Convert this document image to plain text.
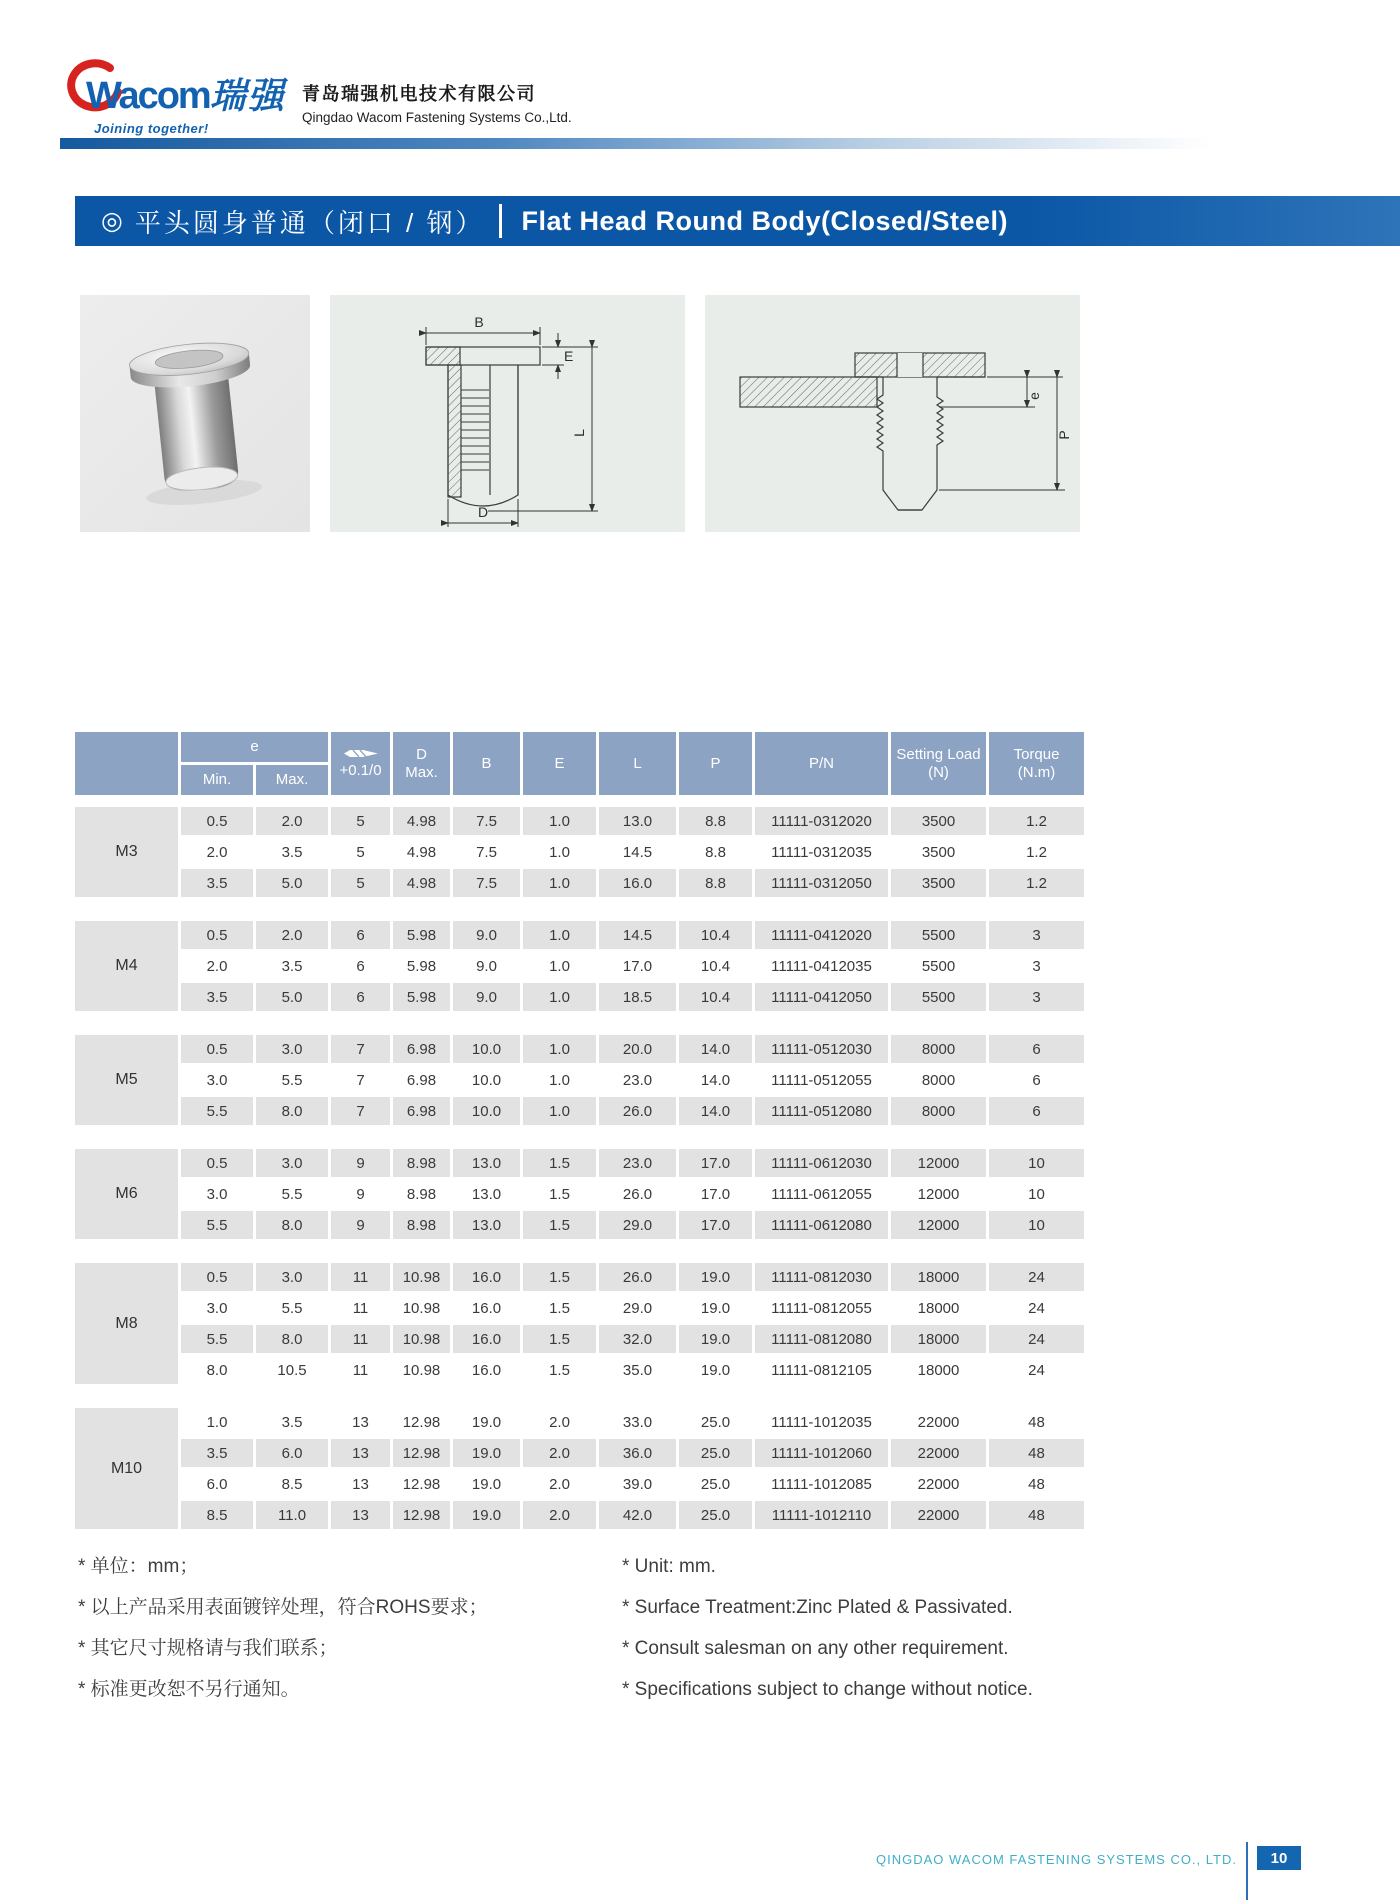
Wacom瑞强
Joining together!
青岛瑞强机电技术有限公司
Qingdao Wacom Fastening Systems Co.,Ltd.
◎ 平头圆身普通（闭口 / 钢） Flat Head Round Body(Closed/Steel)
B
E
L
D
e
P
e
Min.	Max.
+0.1/0
D
Max.
B	E	L	P	P/N
Setting Load
(N)
Torque
(N.m)
M3
0.5	2.0	5	4.98	7.5	1.0	13.0	8.8	11111-0312020	3500	1.2
2.0	3.5	5	4.98	7.5	1.0	14.5	8.8	11111-0312035	3500	1.2
3.5	5.0	5	4.98	7.5	1.0	16.0	8.8	11111-0312050	3500	1.2
M4
0.5	2.0	6	5.98	9.0	1.0	14.5	10.4	11111-0412020	5500	3
2.0	3.5	6	5.98	9.0	1.0	17.0	10.4	11111-0412035	5500	3
3.5	5.0	6	5.98	9.0	1.0	18.5	10.4	11111-0412050	5500	3
M5
0.5	3.0	7	6.98	10.0	1.0	20.0	14.0	11111-0512030	8000	6
3.0	5.5	7	6.98	10.0	1.0	23.0	14.0	11111-0512055	8000	6
5.5	8.0	7	6.98	10.0	1.0	26.0	14.0	11111-0512080	8000	6
M6
0.5	3.0	9	8.98	13.0	1.5	23.0	17.0	11111-0612030	12000	10
3.0	5.5	9	8.98	13.0	1.5	26.0	17.0	11111-0612055	12000	10
5.5	8.0	9	8.98	13.0	1.5	29.0	17.0	11111-0612080	12000	10
M8
0.5	3.0	11	10.98	16.0	1.5	26.0	19.0	11111-0812030	18000	24
3.0	5.5	11	10.98	16.0	1.5	29.0	19.0	11111-0812055	18000	24
5.5	8.0	11	10.98	16.0	1.5	32.0	19.0	11111-0812080	18000	24
8.0	10.5	11	10.98	16.0	1.5	35.0	19.0	11111-0812105	18000	24
M10
1.0	3.5	13	12.98	19.0	2.0	33.0	25.0	11111-1012035	22000	48
3.5	6.0	13	12.98	19.0	2.0	36.0	25.0	11111-1012060	22000	48
6.0	8.5	13	12.98	19.0	2.0	39.0	25.0	11111-1012085	22000	48
8.5	11.0	13	12.98	19.0	2.0	42.0	25.0	11111-1012110	22000	48
* 单位：mm；
* 以上产品采用表面镀锌处理，符合ROHS要求；
* 其它尺寸规格请与我们联系；
* 标准更改恕不另行通知。
* Unit: mm.
* Surface Treatment:Zinc Plated & Passivated.
* Consult salesman on any other requirement.
* Specifications subject to change without notice.
QINGDAO WACOM FASTENING SYSTEMS CO., LTD.	10
